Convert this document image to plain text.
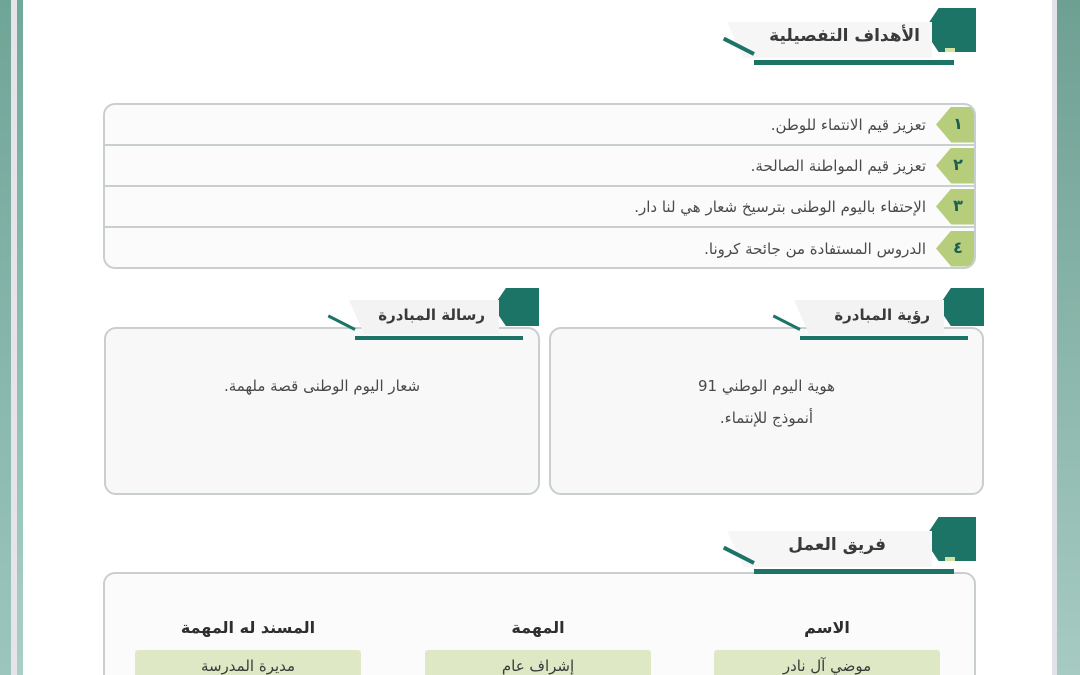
الأهداف التفصيلية
١
تعزيز قيم الانتماء للوطن.
٢
تعزيز قيم المواطنة الصالحة.
٣
الإحتفاء باليوم الوطنى بترسيخ شعار هي لنا دار.
٤
الدروس المستفادة من جائحة كرونا.
هوية اليوم الوطني 91
أنموذج للإنتماء.
رؤية المبادرة
شعار اليوم الوطنى قصة ملهمة.
رسالة المبادرة
الاسم
موضي آل نادر
المهمة
إشراف عام
المسند له المهمة
مديرة المدرسة
فريق العمل
